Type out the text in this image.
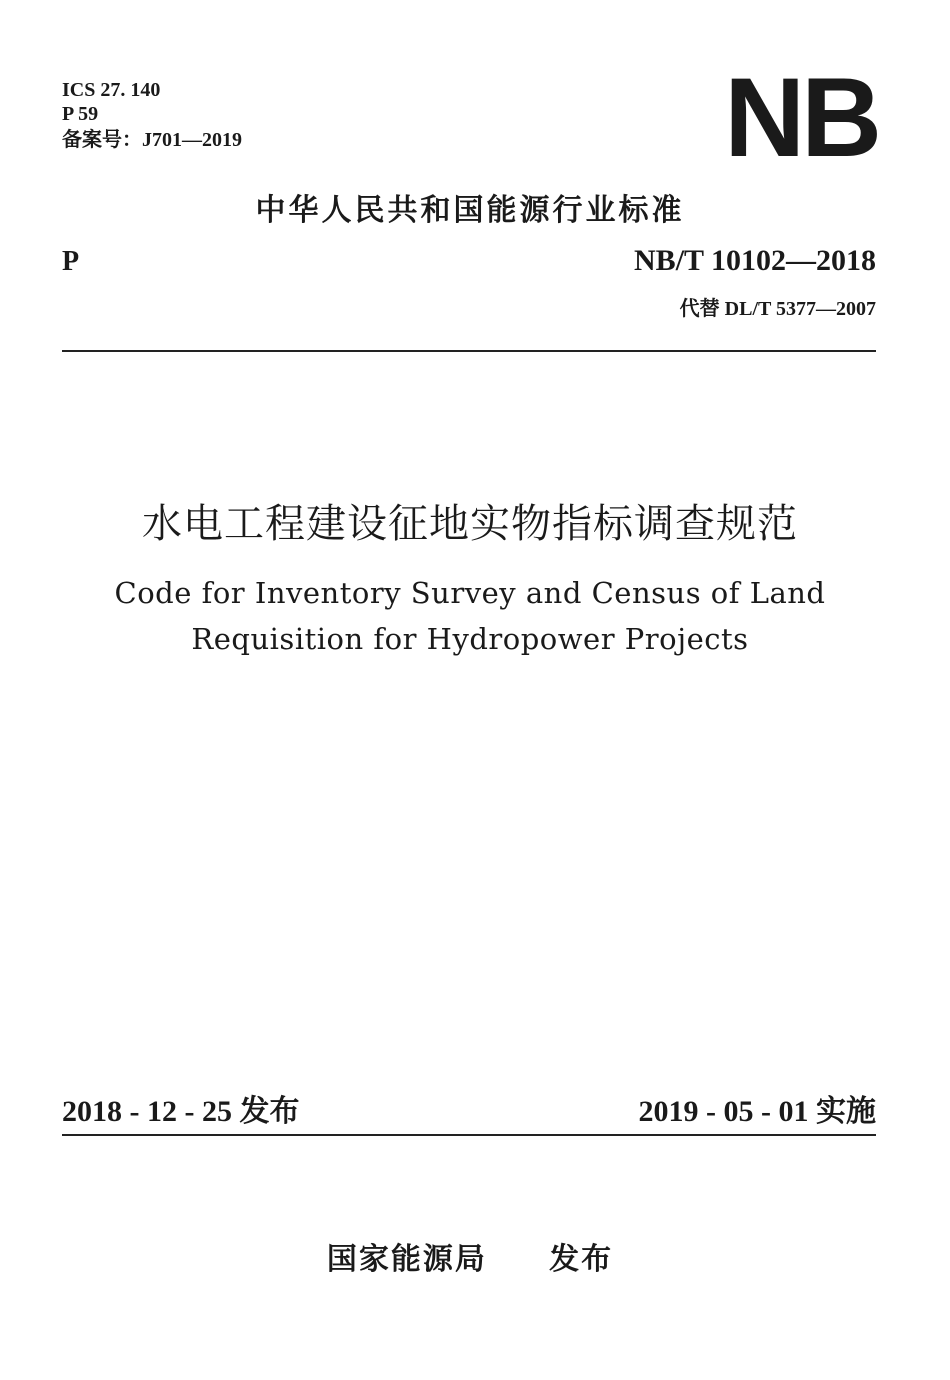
ICS 27. 140
P 59
备案号：J701—2019	NB
中华人民共和国能源行业标准
P	NB/T 10102—2018
代替 DL/T 5377—2007
水电工程建设征地实物指标调查规范
Code for Inventory Survey and Census of Land
Requisition for Hydropower Projects
2018 - 12 - 25 发布	2019 - 05 - 01 实施
国家能源局     发布
